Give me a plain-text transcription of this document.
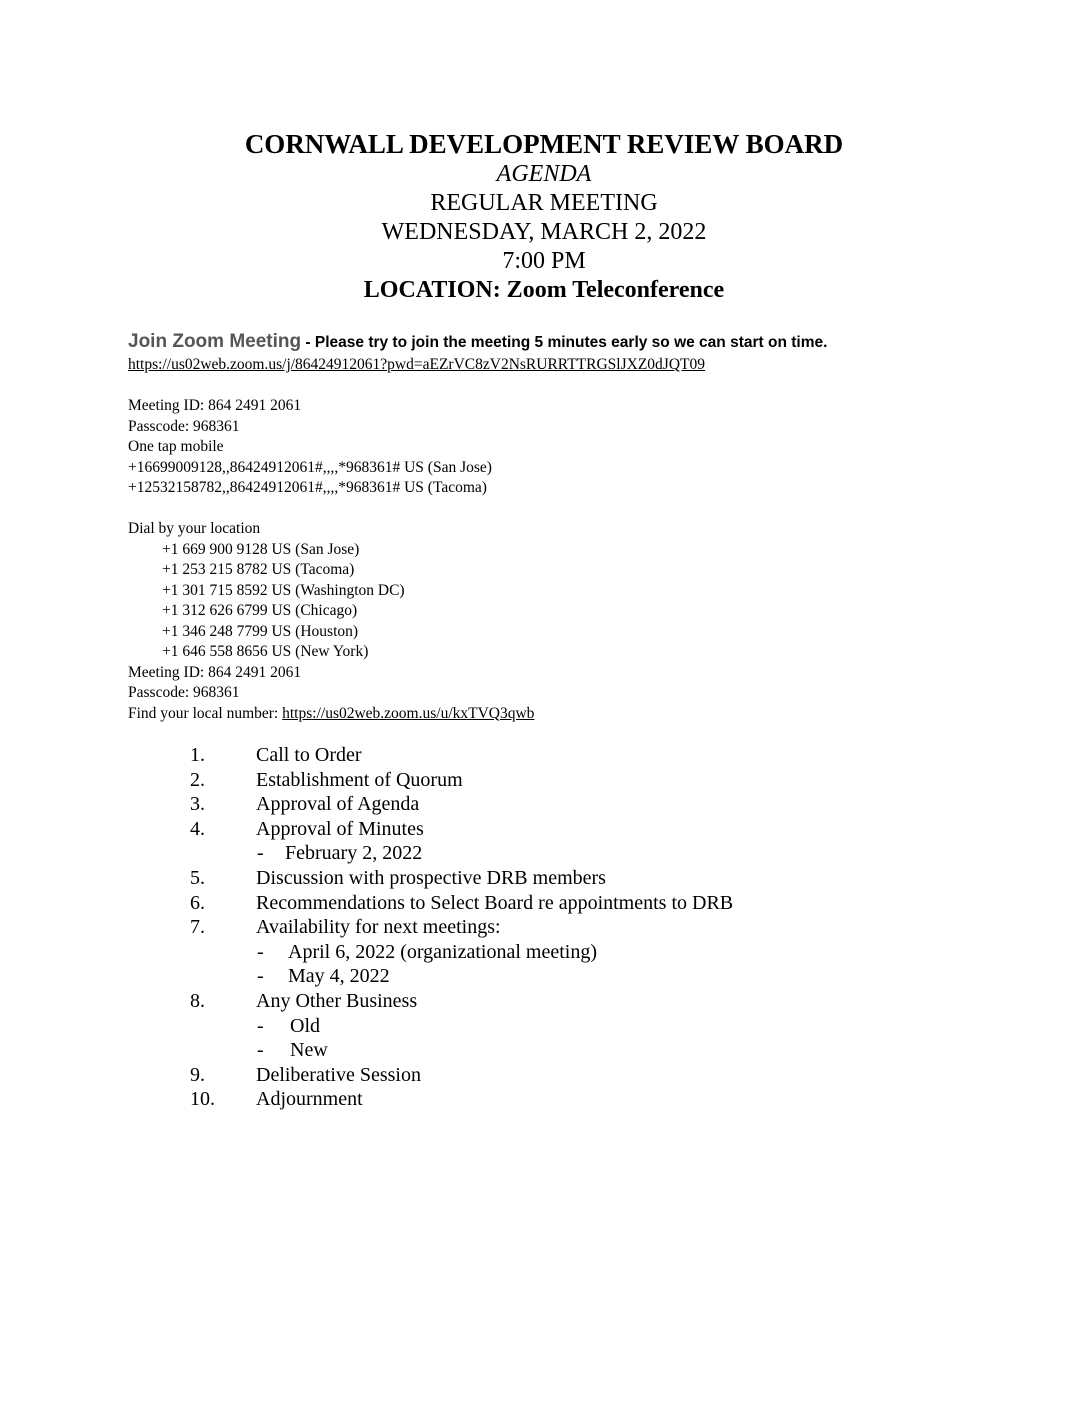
CORNWALL DEVELOPMENT REVIEW BOARD
AGENDA
REGULAR MEETING
WEDNESDAY, MARCH 2, 2022
7:00 PM
LOCATION: Zoom Teleconference
Join Zoom Meeting - Please try to join the meeting 5 minutes early so we can start on time.
https://us02web.zoom.us/j/86424912061?pwd=aEZrVC8zV2NsRURRTTRGSlJXZ0dJQT09
Meeting ID: 864 2491 2061
Passcode: 968361
One tap mobile
+16699009128,,86424912061#,,,,*968361# US (San Jose)
+12532158782,,86424912061#,,,,*968361# US (Tacoma)
Dial by your location
+1 669 900 9128 US (San Jose)
+1 253 215 8782 US (Tacoma)
+1 301 715 8592 US (Washington DC)
+1 312 626 6799 US (Chicago)
+1 346 248 7799 US (Houston)
+1 646 558 8656 US (New York)
Meeting ID: 864 2491 2061
Passcode: 968361
Find your local number: https://us02web.zoom.us/u/kxTVQ3qwb
1.	Call to Order
2.	Establishment of Quorum
3.	Approval of Agenda
4.	Approval of Minutes
- February 2, 2022
5.	Discussion with prospective DRB members
6.	Recommendations to Select Board re appointments to DRB
7.	Availability for next meetings:
- April 6, 2022 (organizational meeting)
- May 4, 2022
8.	Any Other Business
- Old
- New
9.	Deliberative Session
10. Adjournment
